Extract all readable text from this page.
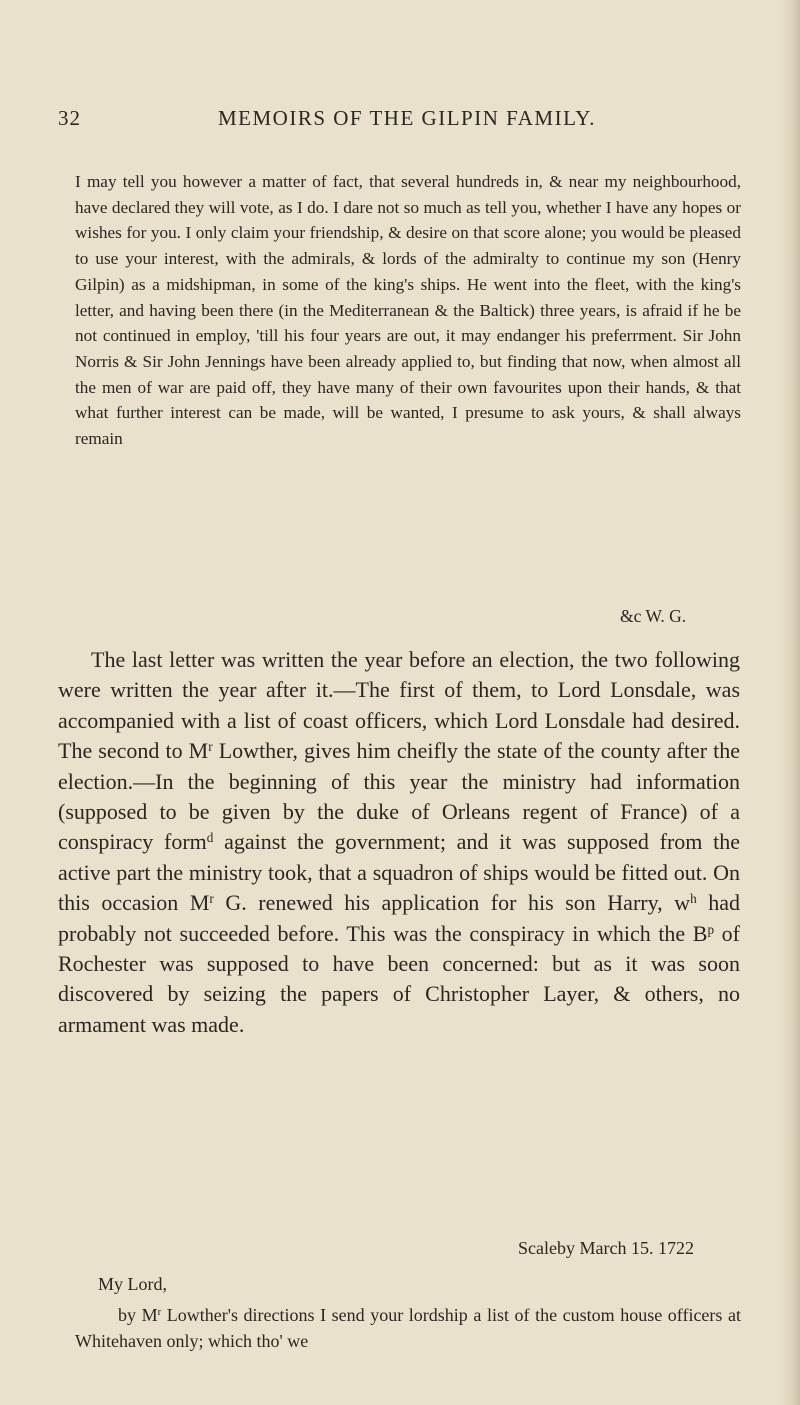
32	MEMOIRS OF THE GILPIN FAMILY.

I may tell you however a matter of fact, that several hundreds in, & near my neighbourhood, have declared they will vote, as I do. I dare not so much as tell you, whether I have any hopes or wishes for you. I only claim your friendship, & desire on that score alone; you would be pleased to use your interest, with the admirals, & lords of the admiralty to continue my son (Henry Gilpin) as a midshipman, in some of the king's ships. He went into the fleet, with the king's letter, and having been there (in the Mediterranean & the Baltick) three years, is afraid if he be not continued in employ, 'till his four years are out, it may endanger his preferrment. Sir John Norris & Sir John Jennings have been already applied to, but finding that now, when almost all the men of war are paid off, they have many of their own favourites upon their hands, & that what further interest can be made, will be wanted, I presume to ask yours, & shall always remain

&c W. G.

The last letter was written the year before an election, the two following were written the year after it.—The first of them, to Lord Lonsdale, was accompanied with a list of coast officers, which Lord Lonsdale had desired. The second to $M^r$ Lowther, gives him cheifly the state of the county after the election.—In the beginning of this year the ministry had information (supposed to be given by the duke of Orleans regent of France) of a conspiracy form$^d$ against the government; and it was supposed from the active part the ministry took, that a squadron of ships would be fitted out. On this occasion $M^r$ G. renewed his application for his son Harry, $w^h$ had probably not succeeded before. This was the conspiracy in which the $B^p$ of Rochester was supposed to have been concerned: but as it was soon discovered by seizing the papers of Christopher Layer, & others, no armament was made.

Scaleby March 15. 1722
My Lord,

by $M^r$ Lowther's directions I send your lordship a list of the custom house officers at Whitehaven only; which tho' we
